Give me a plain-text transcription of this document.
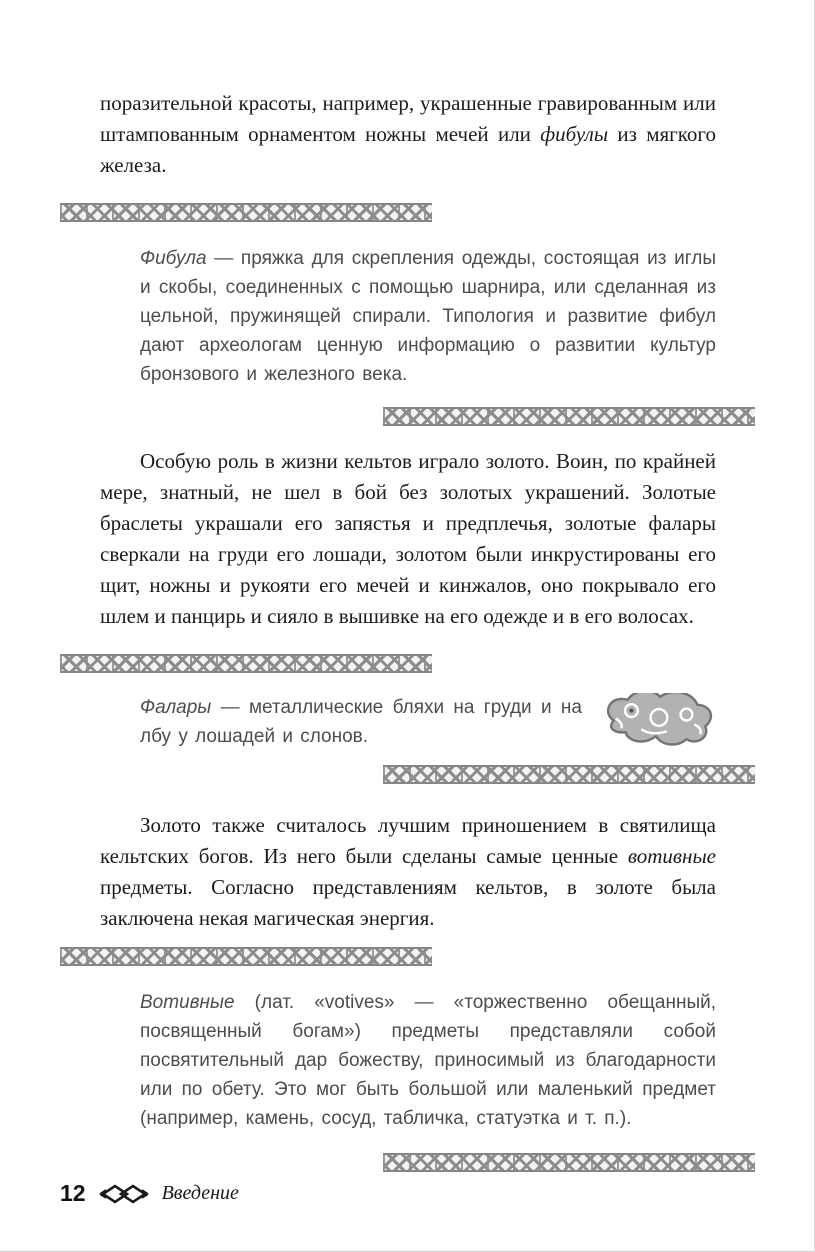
поразительной красоты, например, украшенные гравированным или штампованным орнаментом ножны мечей или фибулы из мягкого железа.

Фибула — пряжка для скрепления одежды, состоящая из иглы и скобы, соединенных с помощью шарнира, или сделанная из цельной, пружинящей спирали. Типология и развитие фибул дают археологам ценную информацию о развитии культур бронзового и железного века.

Особую роль в жизни кельтов играло золото. Воин, по крайней мере, знатный, не шел в бой без золотых украшений. Золотые браслеты украшали его запястья и предплечья, золотые фалары сверкали на груди его лошади, золотом были инкрустированы его щит, ножны и рукояти его мечей и кинжалов, оно покрывало его шлем и панцирь и сияло в вышивке на его одежде и в его волосах.

Фалары — металлические бляхи на груди и на лбу у лошадей и слонов.

Золото также считалось лучшим приношением в святилища кельтских богов. Из него были сделаны самые ценные вотивные предметы. Согласно представлениям кельтов, в золоте была заключена некая магическая энергия.

Вотивные (лат. «votives» — «торжественно обещанный, посвященный богам») предметы представляли собой посвятительный дар божеству, приносимый из благодарности или по обету. Это мог быть большой или маленький предмет (например, камень, сосуд, табличка, статуэтка и т. п.).
12	Введение
